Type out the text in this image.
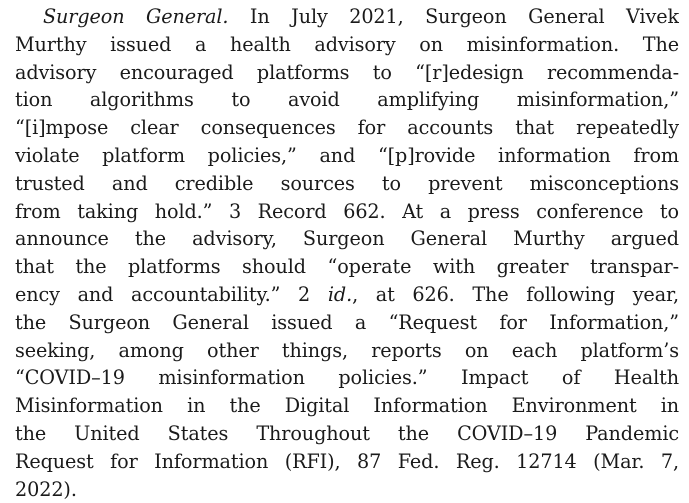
Surgeon General. In July 2021, Surgeon General Vivek
Murthy issued a health advisory on misinformation. The
advisory encouraged platforms to “[r]edesign recommenda-
tion algorithms to avoid amplifying misinformation,”
“[i]mpose clear consequences for accounts that repeatedly
violate platform policies,” and “[p]rovide information from
trusted and credible sources to prevent misconceptions
from taking hold.” 3 Record 662. At a press conference to
announce the advisory, Surgeon General Murthy argued
that the platforms should “operate with greater transpar-
ency and accountability.” 2 id., at 626. The following year,
the Surgeon General issued a “Request for Information,”
seeking, among other things, reports on each platform’s
“COVID–19 misinformation policies.” Impact of Health
Misinformation in the Digital Information Environment in
the United States Throughout the COVID–19 Pandemic
Request for Information (RFI), 87 Fed. Reg. 12714 (Mar. 7,
2022).
